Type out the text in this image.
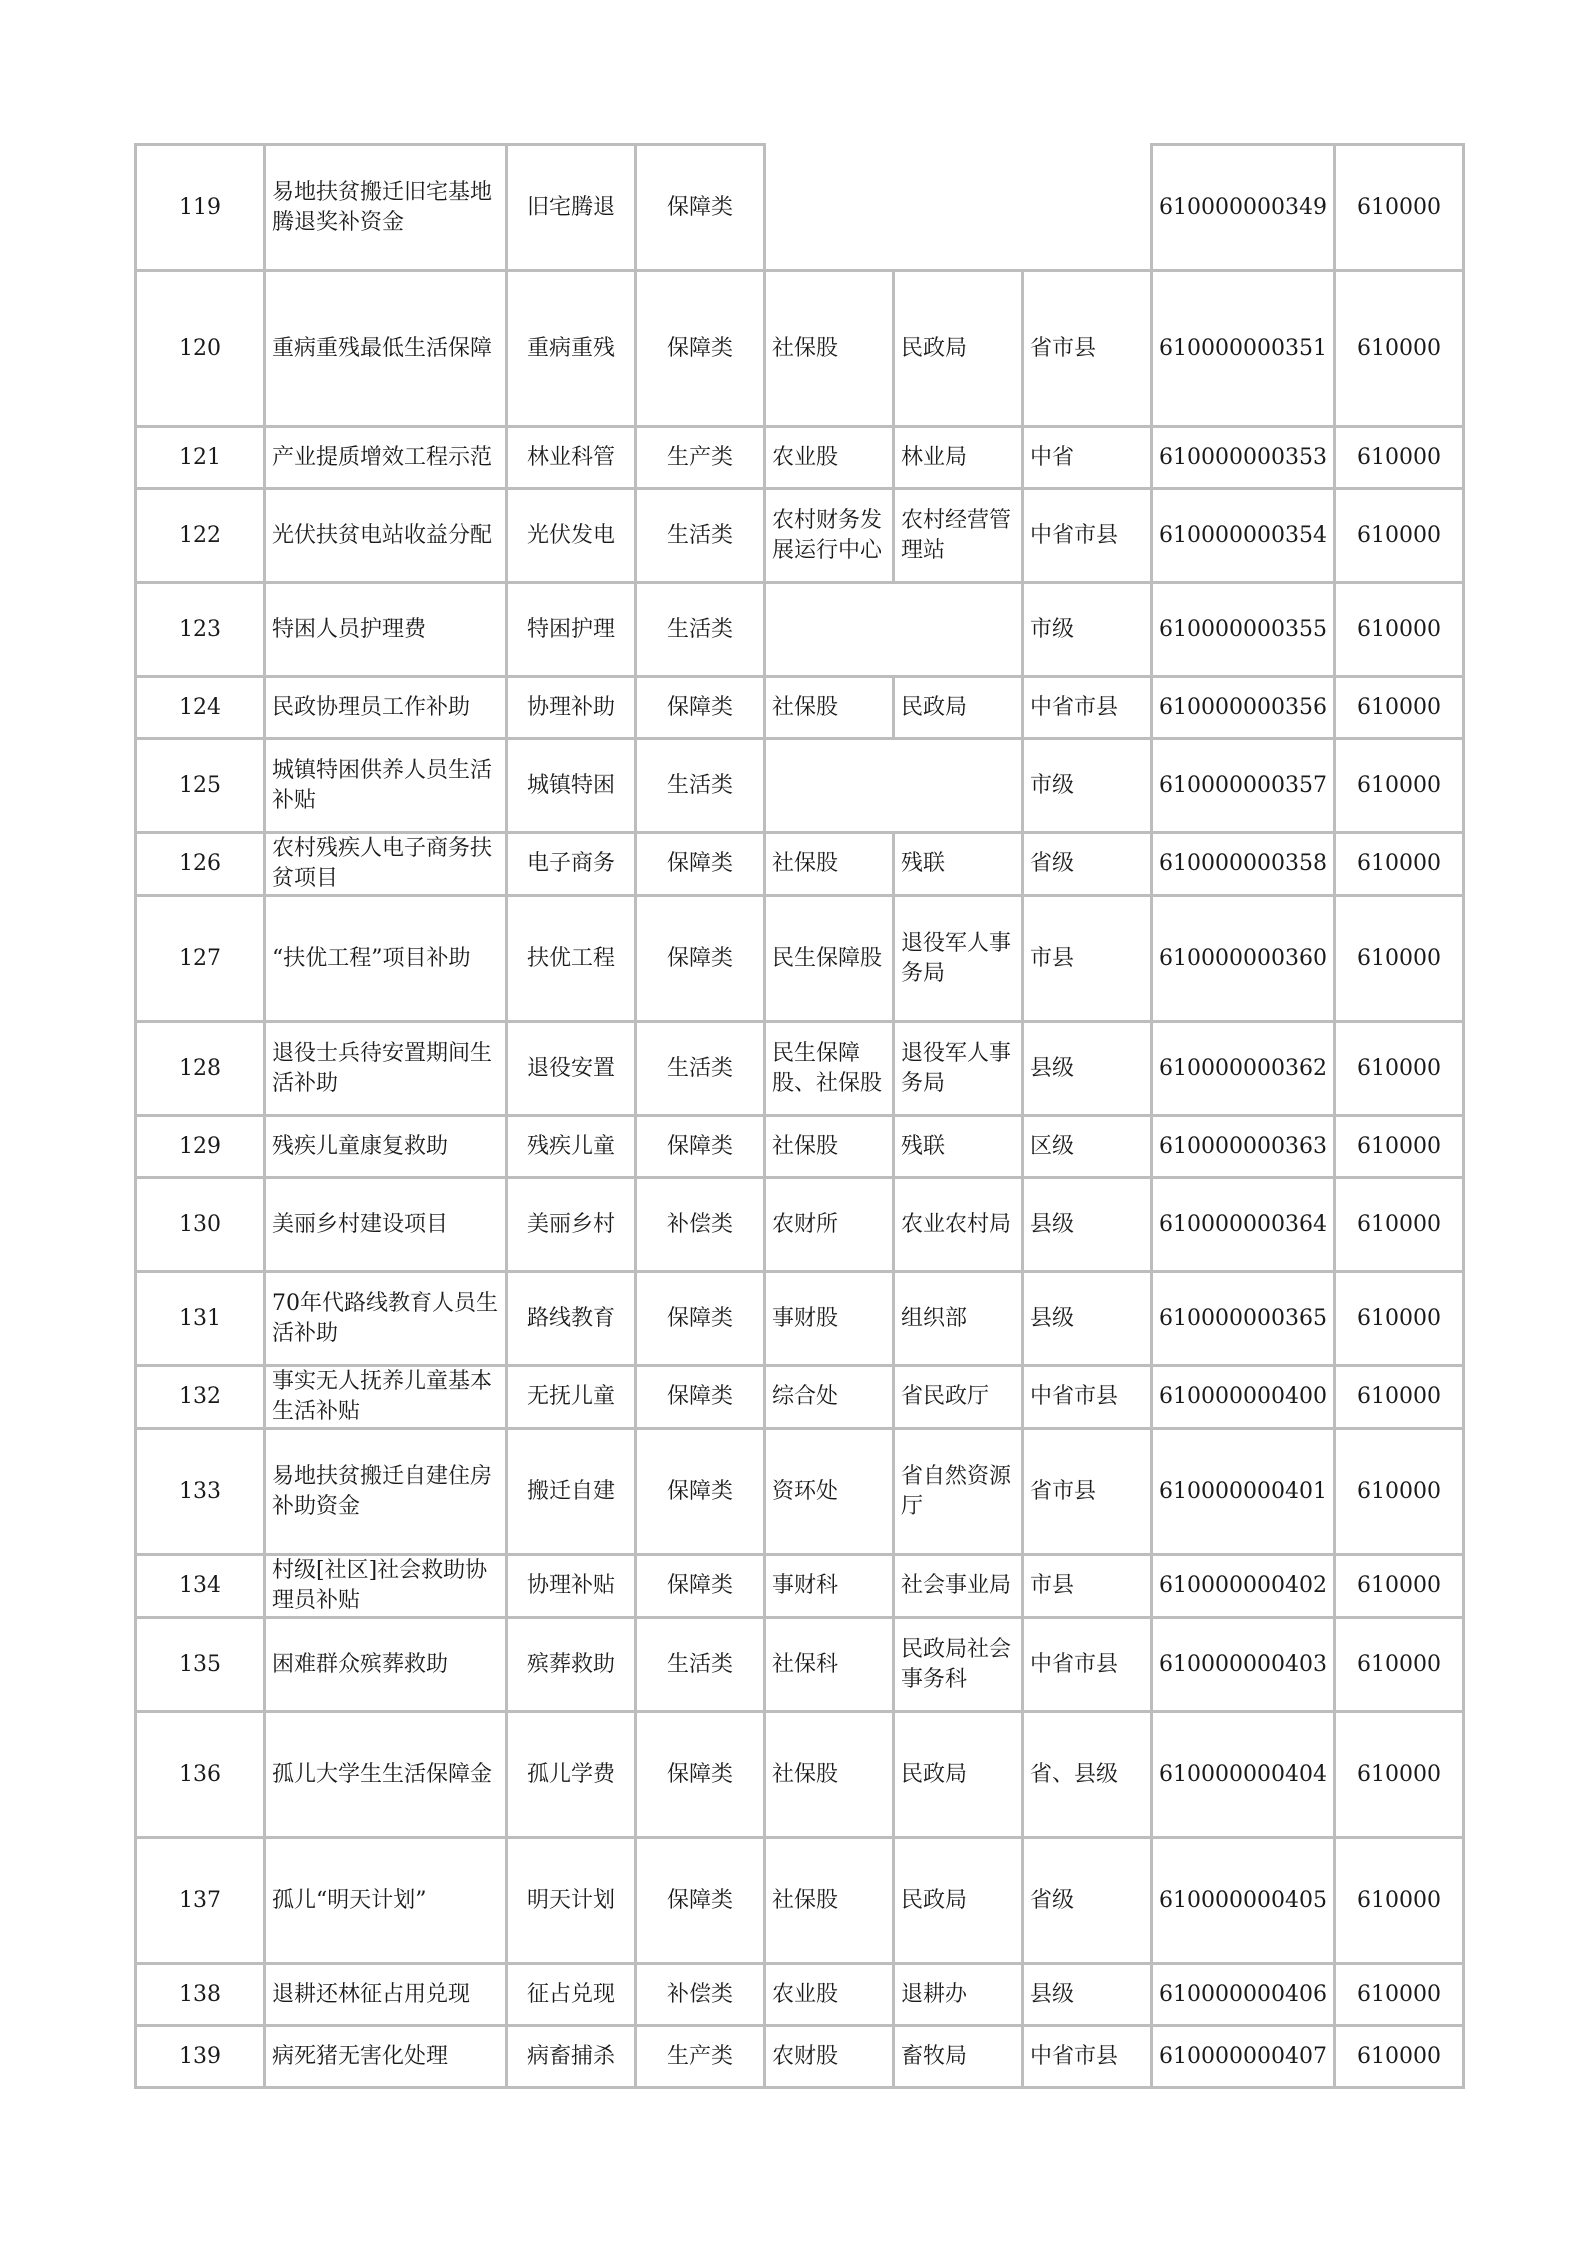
119	易地扶贫搬迁旧宅基地腾退奖补资金	旧宅腾退	保障类				610000000349	610000
120	重病重残最低生活保障	重病重残	保障类	社保股	民政局	省市县	610000000351	610000
121	产业提质增效工程示范	林业科管	生产类	农业股	林业局	中省	610000000353	610000
122	光伏扶贫电站收益分配	光伏发电	生活类	农村财务发展运行中心	农村经营管理站	中省市县	610000000354	610000
123	特困人员护理费	特困护理	生活类			市级	610000000355	610000
124	民政协理员工作补助	协理补助	保障类	社保股	民政局	中省市县	610000000356	610000
125	城镇特困供养人员生活补贴	城镇特困	生活类			市级	610000000357	610000
126	农村残疾人电子商务扶贫项目	电子商务	保障类	社保股	残联	省级	610000000358	610000
127	“扶优工程”项目补助	扶优工程	保障类	民生保障股	退役军人事务局	市县	610000000360	610000
128	退役士兵待安置期间生活补助	退役安置	生活类	民生保障股、社保股	退役军人事务局	县级	610000000362	610000
129	残疾儿童康复救助	残疾儿童	保障类	社保股	残联	区级	610000000363	610000
130	美丽乡村建设项目	美丽乡村	补偿类	农财所	农业农村局	县级	610000000364	610000
131	70年代路线教育人员生活补助	路线教育	保障类	事财股	组织部	县级	610000000365	610000
132	事实无人抚养儿童基本生活补贴	无抚儿童	保障类	综合处	省民政厅	中省市县	610000000400	610000
133	易地扶贫搬迁自建住房补助资金	搬迁自建	保障类	资环处	省自然资源厅	省市县	610000000401	610000
134	村级[社区]社会救助协理员补贴	协理补贴	保障类	事财科	社会事业局	市县	610000000402	610000
135	困难群众殡葬救助	殡葬救助	生活类	社保科	民政局社会事务科	中省市县	610000000403	610000
136	孤儿大学生生活保障金	孤儿学费	保障类	社保股	民政局	省、县级	610000000404	610000
137	孤儿“明天计划”	明天计划	保障类	社保股	民政局	省级	610000000405	610000
138	退耕还林征占用兑现	征占兑现	补偿类	农业股	退耕办	县级	610000000406	610000
139	病死猪无害化处理	病畜捕杀	生产类	农财股	畜牧局	中省市县	610000000407	610000
